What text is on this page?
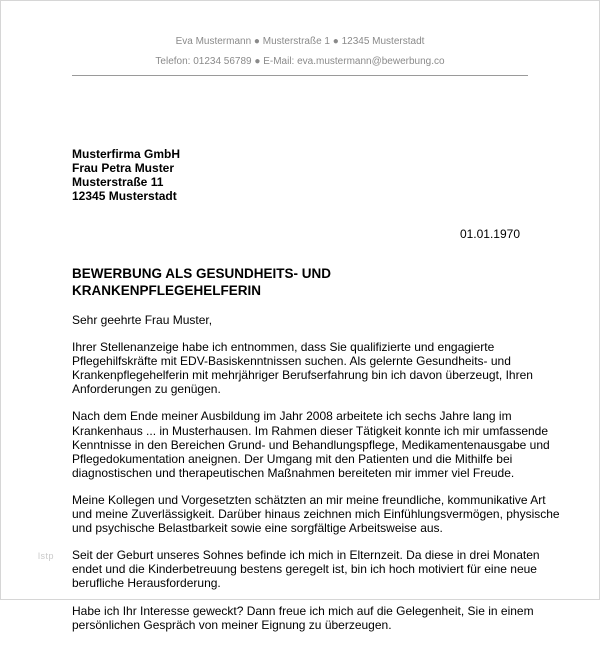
Eva Mustermann ● Musterstraße 1 ● 12345 Musterstadt
Telefon: 01234 56789 ● E-Mail: eva.mustermann@bewerbung.co
Musterfirma GmbH
Frau Petra Muster
Musterstraße 11
12345 Musterstadt
01.01.1970
BEWERBUNG ALS GESUNDHEITS- UND
KRANKENPFLEGEHELFERIN

Sehr geehrte Frau Muster,

Ihrer Stellenanzeige habe ich entnommen, dass Sie qualifizierte und engagierte
Pflegehilfskräfte mit EDV-Basiskenntnissen suchen. Als gelernte Gesundheits- und
Krankenpflegehelferin mit mehrjähriger Berufserfahrung bin ich davon überzeugt, Ihren
Anforderungen zu genügen.

Nach dem Ende meiner Ausbildung im Jahr 2008 arbeitete ich sechs Jahre lang im
Krankenhaus ... in Musterhausen. Im Rahmen dieser Tätigkeit konnte ich mir umfassende
Kenntnisse in den Bereichen Grund- und Behandlungspflege, Medikamentenausgabe und
Pflegedokumentation aneignen. Der Umgang mit den Patienten und die Mithilfe bei
diagnostischen und therapeutischen Maßnahmen bereiteten mir immer viel Freude.

Meine Kollegen und Vorgesetzten schätzten an mir meine freundliche, kommunikative Art
und meine Zuverlässigkeit. Darüber hinaus zeichnen mich Einfühlungsvermögen, physische
und psychische Belastbarkeit sowie eine sorgfältige Arbeitsweise aus.

Seit der Geburt unseres Sohnes befinde ich mich in Elternzeit. Da diese in drei Monaten
endet und die Kinderbetreuung bestens geregelt ist, bin ich hoch motiviert für eine neue
berufliche Herausforderung.

Habe ich Ihr Interesse geweckt? Dann freue ich mich auf die Gelegenheit, Sie in einem
persönlichen Gespräch von meiner Eignung zu überzeugen.

lstp
